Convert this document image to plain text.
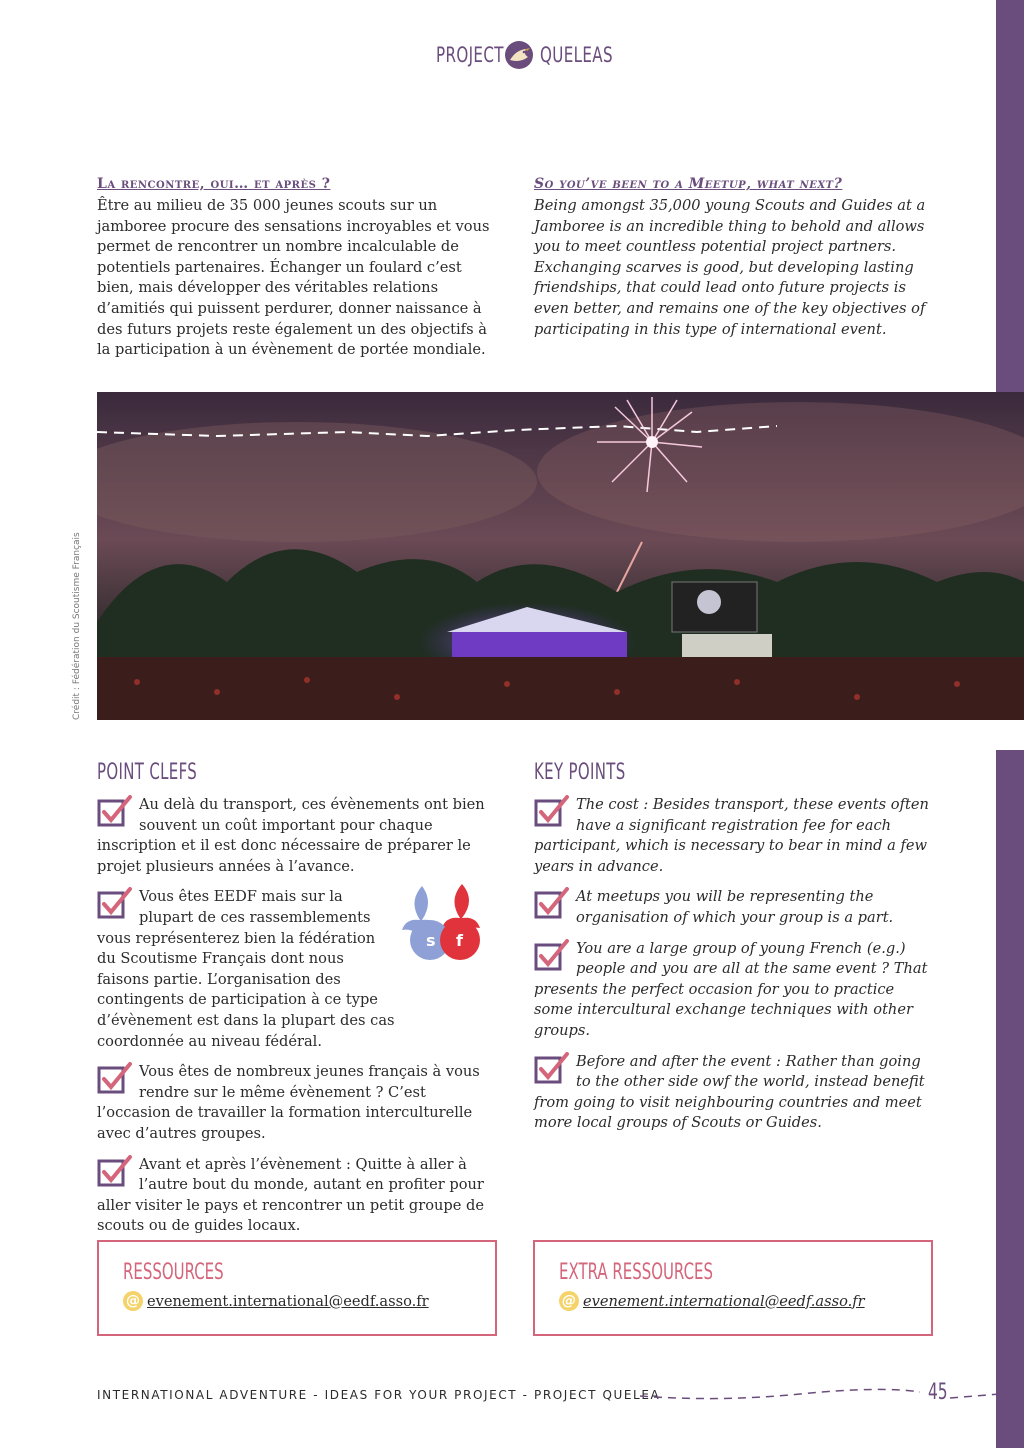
PROJECT QUELEAS

La rencontre, oui… et après ?

Être au milieu de 35 000 jeunes scouts sur un jamboree procure des sensations incroyables et vous permet de rencontrer un nombre incalculable de potentiels partenaires. Échanger un foulard c’est bien, mais développer des véritables relations d’amitiés qui puissent perdurer, donner naissance à des futurs projets reste également un des objectifs à la participation à un évènement de portée mondiale.

So you’ve been to a Meetup, what next?

Being amongst 35,000 young Scouts and Guides at a Jamboree is an incredible thing to behold and allows you to meet countless potential project partners. Exchanging scarves is good, but developing lasting friendships, that could lead onto future projects is even better, and remains one of the key objectives of participating in this type of international event.

Crédit : Fédération du Scoutisme Français
POINT CLEFS
Au delà du transport, ces évènements ont bien souvent un coût important pour chaque inscription et il est donc nécessaire de préparer le projet plusieurs années à l’avance.
Vous êtes EEDF mais sur la plupart de ces rassemblements vous représenterez bien la fédération du Scoutisme Français dont nous faisons partie. L’organisation des contingents de participation à ce type d’évènement est dans la plupart des cas coordonnée au niveau fédéral.
Vous êtes de nombreux jeunes français à vous rendre sur le même évènement ? C’est l’occasion de travailler la formation interculturelle avec d’autres groupes.
Avant et après l’évènement : Quitte à aller à l’autre bout du monde, autant en profiter pour aller visiter le pays et rencontrer un petit groupe de scouts ou de guides locaux.
s f
KEY POINTS
The cost : Besides transport, these events often have a significant registration fee for each participant, which is necessary to bear in mind a few years in advance.
At meetups you will be representing the organisation of which your group is a part.
You are a large group of young French (e.g.) people and you are all at the same event ? That presents the perfect occasion for you to practice some intercultural exchange techniques with other groups.
Before and after the event : Rather than going to the other side owf the world, instead benefit from going to visit neighbouring countries and meet more local groups of Scouts or Guides.
RESSOURCES
@ evenement.international@eedf.asso.fr
EXTRA RESSOURCES
@ evenement.international@eedf.asso.fr
INTERNATIONAL ADVENTURE - IDEAS FOR YOUR PROJECT - PROJECT QUELEA	45
